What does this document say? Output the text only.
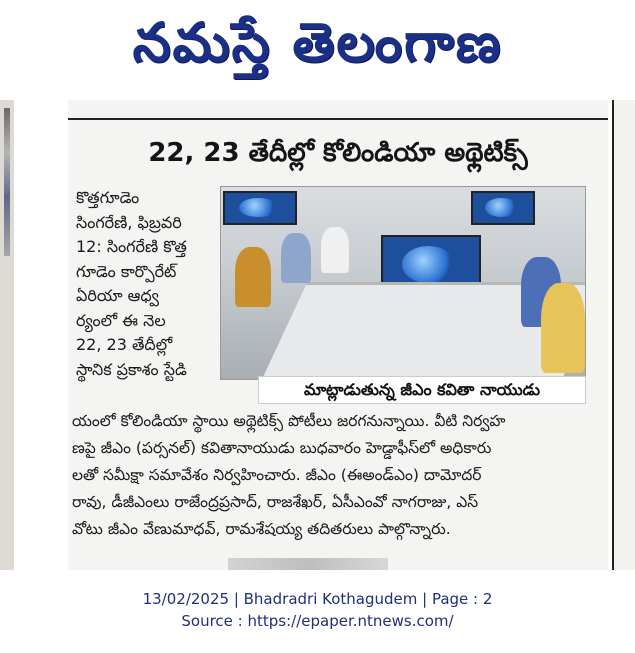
నమస్తే తెలంగాణ
22, 23 తేదీల్లో కోలిండియా అథ్లెటిక్స్
కొత్తగూడెం
సింగరేణి, ఫిబ్రవరి
12: సింగరేణి కొత్త
గూడెం కార్పొరేట్
ఏరియా ఆధ్వ
ర్యంలో ఈ నెల
22, 23 తేదీల్లో
స్థానిక ప్రకాశం స్టేడి
మాట్లాడుతున్న జీఎం కవితా నాయుడు
యంలో కోలిండియా స్థాయి అథ్లెటిక్స్ పోటీలు జరగనున్నాయి. వీటి నిర్వహ
ణపై జీఎం (పర్సనల్) కవితానాయుడు బుధవారం హెడ్డాఫీస్‌లో అధికారు
లతో సమీక్షా సమావేశం నిర్వహించారు. జీఎం (ఈఅండ్‌ఎం) దామోదర్
రావు, డీజీఎంలు రాజేంద్రప్రసాద్, రాజశేఖర్, ఏసీఎంవో నాగరాజు, ఎస్
వోటు జీఎం వేణుమాధవ్, రామశేషయ్య తదితరులు పాల్గొన్నారు.
13/02/2025 | Bhadradri Kothagudem | Page : 2
Source : https://epaper.ntnews.com/
